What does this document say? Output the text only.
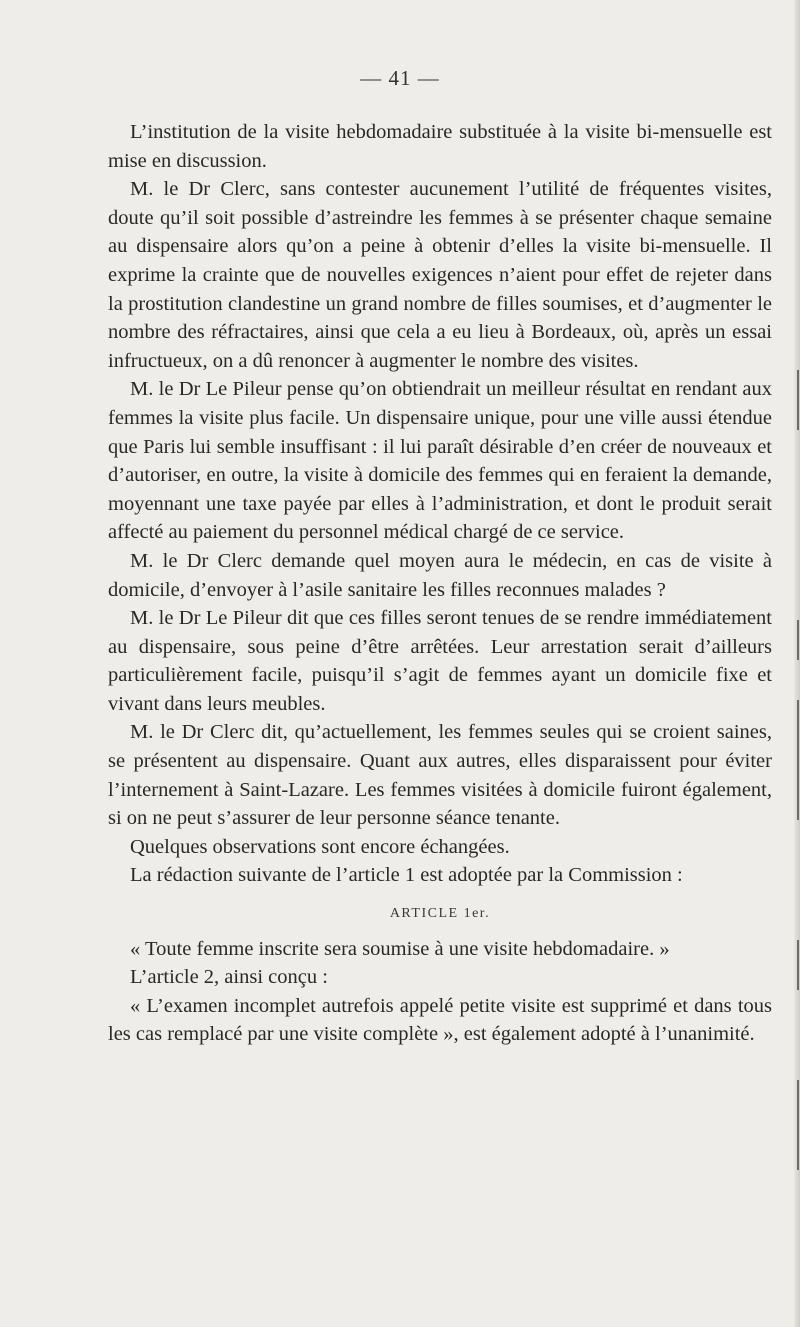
— 41 —

L’institution de la visite hebdomadaire substituée à la visite bi-mensuelle est mise en discussion.

M. le Dr Clerc, sans contester aucunement l’utilité de fréquentes visites, doute qu’il soit possible d’astreindre les femmes à se présenter chaque semaine au dispensaire alors qu’on a peine à obtenir d’elles la visite bi-mensuelle. Il exprime la crainte que de nouvelles exigences n’aient pour effet de rejeter dans la prostitution clandestine un grand nombre de filles soumises, et d’augmenter le nombre des réfractaires, ainsi que cela a eu lieu à Bordeaux, où, après un essai infructueux, on a dû renoncer à augmenter le nombre des visites.

M. le Dr Le Pileur pense qu’on obtiendrait un meilleur résultat en rendant aux femmes la visite plus facile. Un dispensaire unique, pour une ville aussi étendue que Paris lui semble insuffisant : il lui paraît désirable d’en créer de nouveaux et d’autoriser, en outre, la visite à domicile des femmes qui en feraient la demande, moyennant une taxe payée par elles à l’administration, et dont le produit serait affecté au paiement du personnel médical chargé de ce service.

M. le Dr Clerc demande quel moyen aura le médecin, en cas de visite à domicile, d’envoyer à l’asile sanitaire les filles reconnues malades ?

M. le Dr Le Pileur dit que ces filles seront tenues de se rendre immédiatement au dispensaire, sous peine d’être arrêtées. Leur arrestation serait d’ailleurs particulièrement facile, puisqu’il s’agit de femmes ayant un domicile fixe et vivant dans leurs meubles.

M. le Dr Clerc dit, qu’actuellement, les femmes seules qui se croient saines, se présentent au dispensaire. Quant aux autres, elles disparaissent pour éviter l’internement à Saint-Lazare. Les femmes visitées à domicile fuiront également, si on ne peut s’assurer de leur personne séance tenante.

Quelques observations sont encore échangées.

La rédaction suivante de l’article 1 est adoptée par la Commission :

ARTICLE 1er.

« Toute femme inscrite sera soumise à une visite hebdomadaire. »

L’article 2, ainsi conçu :

« L’examen incomplet autrefois appelé petite visite est supprimé et dans tous les cas remplacé par une visite complète », est également adopté à l’unanimité.
